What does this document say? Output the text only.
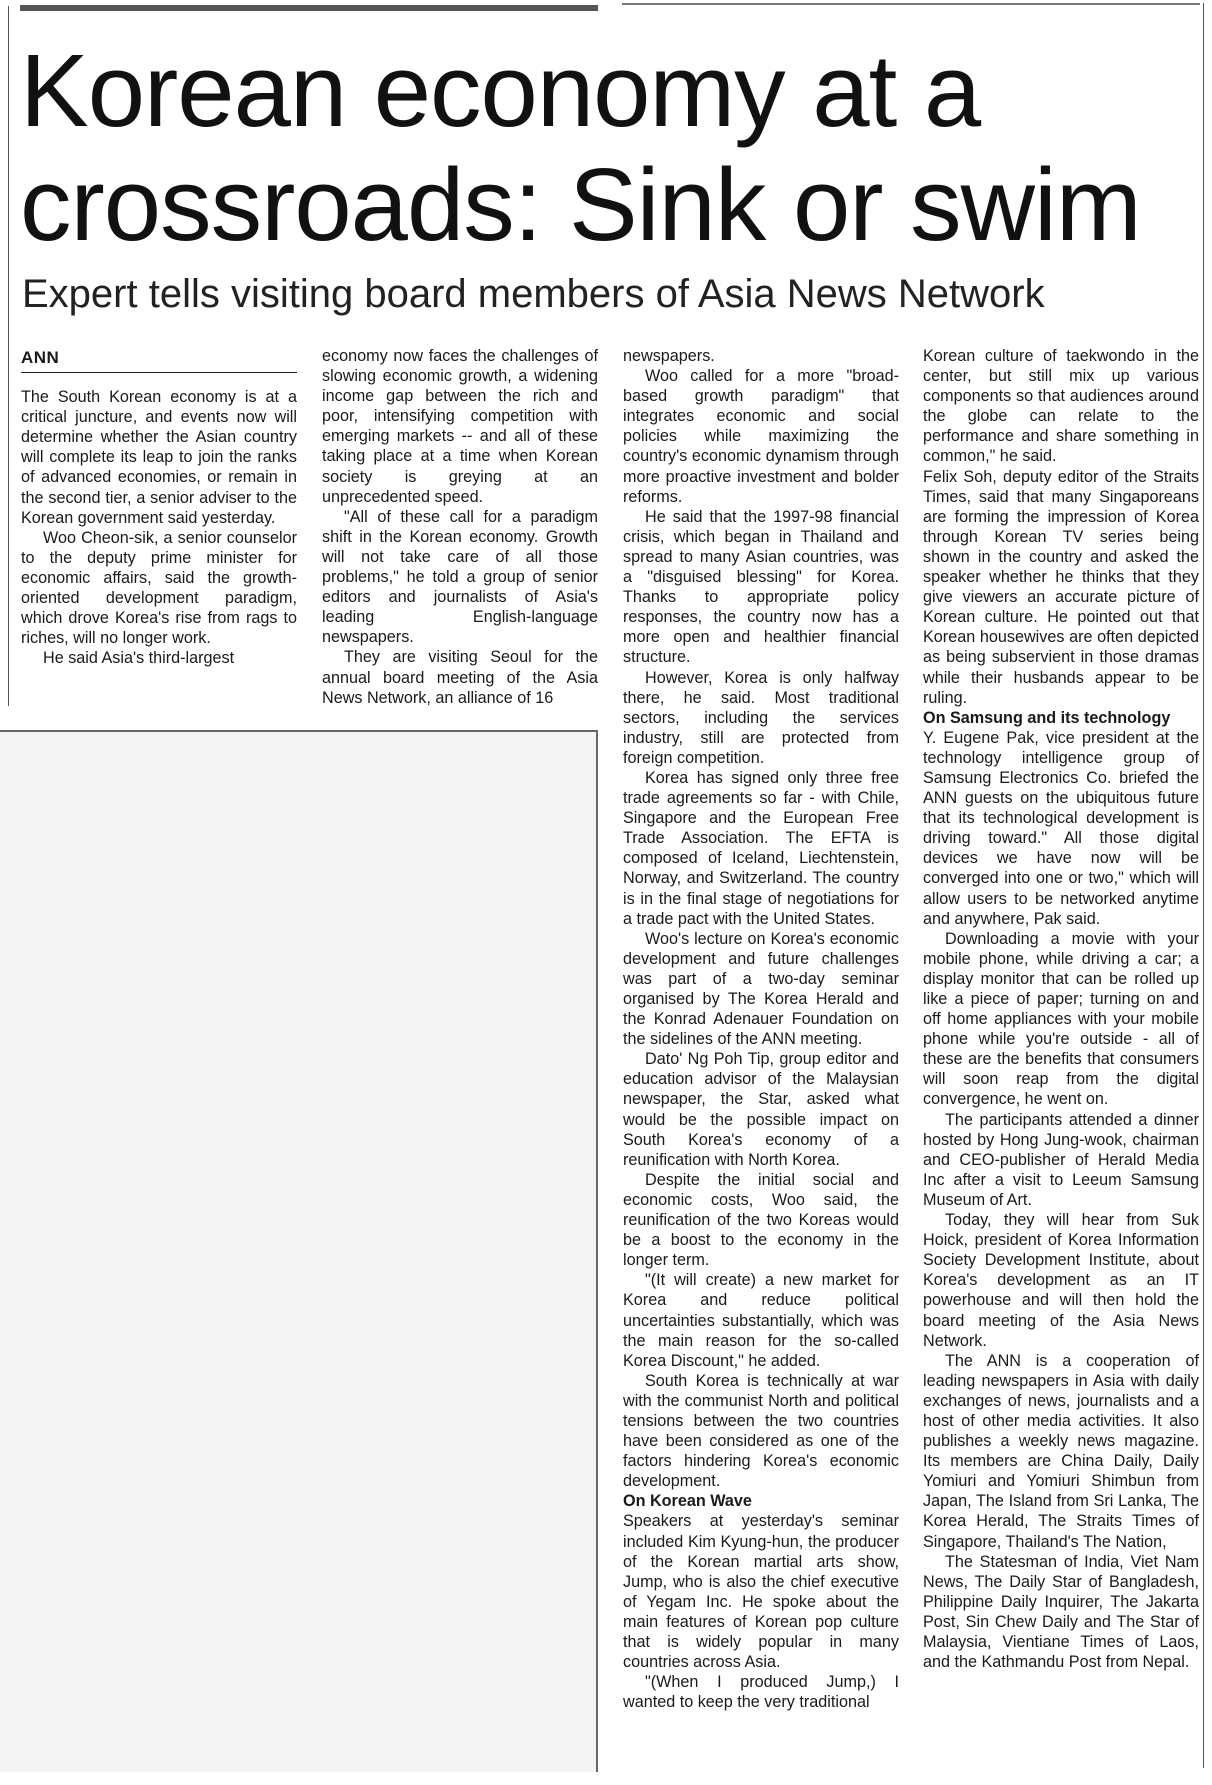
Korean economy at a crossroads: Sink or swim
Expert tells visiting board members of Asia News Network
ANN

The South Korean economy is at a critical juncture, and events now will determine whether the Asian country will complete its leap to join the ranks of advanced economies, or remain in the second tier, a senior adviser to the Korean government said yesterday.

Woo Cheon-sik, a senior counselor to the deputy prime minister for economic affairs, said the growth-oriented development paradigm, which drove Korea's rise from rags to riches, will no longer work.

He said Asia's third-largest

economy now faces the challenges of slowing economic growth, a widening income gap between the rich and poor, intensifying competition with emerging markets -- and all of these taking place at a time when Korean society is greying at an unprecedented speed.

"All of these call for a paradigm shift in the Korean economy. Growth will not take care of all those problems," he told a group of senior editors and journalists of Asia's leading English-language newspapers.

They are visiting Seoul for the annual board meeting of the Asia News Network, an alliance of 16

newspapers.

Woo called for a more "broad-based growth paradigm" that integrates economic and social policies while maximizing the country's economic dynamism through more proactive investment and bolder reforms.

He said that the 1997-98 financial crisis, which began in Thailand and spread to many Asian countries, was a "disguised blessing" for Korea. Thanks to appropriate policy responses, the country now has a more open and healthier financial structure.

However, Korea is only halfway there, he said. Most traditional sectors, including the services industry, still are protected from foreign competition.

Korea has signed only three free trade agreements so far - with Chile, Singapore and the European Free Trade Association. The EFTA is composed of Iceland, Liechtenstein, Norway, and Switzerland. The country is in the final stage of negotiations for a trade pact with the United States.

Woo's lecture on Korea's economic development and future challenges was part of a two-day seminar organised by The Korea Herald and the Konrad Adenauer Foundation on the sidelines of the ANN meeting.

Dato' Ng Poh Tip, group editor and education advisor of the Malaysian newspaper, the Star, asked what would be the possible impact on South Korea's economy of a reunification with North Korea.

Despite the initial social and economic costs, Woo said, the reunification of the two Koreas would be a boost to the economy in the longer term.

"(It will create) a new market for Korea and reduce political uncertainties substantially, which was the main reason for the so-called Korea Discount," he added.

South Korea is technically at war with the communist North and political tensions between the two countries have been considered as one of the factors hindering Korea's economic development.

On Korean Wave

Speakers at yesterday's seminar included Kim Kyung-hun, the producer of the Korean martial arts show, Jump, who is also the chief executive of Yegam Inc. He spoke about the main features of Korean pop culture that is widely popular in many countries across Asia.

"(When I produced Jump,) I wanted to keep the very traditional

Korean culture of taekwondo in the center, but still mix up various components so that audiences around the globe can relate to the performance and share something in common," he said.

Felix Soh, deputy editor of the Straits Times, said that many Singaporeans are forming the impression of Korea through Korean TV series being shown in the country and asked the speaker whether he thinks that they give viewers an accurate picture of Korean culture. He pointed out that Korean housewives are often depicted as being subservient in those dramas while their husbands appear to be ruling.

On Samsung and its technology

Y. Eugene Pak, vice president at the technology intelligence group of Samsung Electronics Co. briefed the ANN guests on the ubiquitous future that its technological development is driving toward." All those digital devices we have now will be converged into one or two," which will allow users to be networked anytime and anywhere, Pak said.

Downloading a movie with your mobile phone, while driving a car; a display monitor that can be rolled up like a piece of paper; turning on and off home appliances with your mobile phone while you're outside - all of these are the benefits that consumers will soon reap from the digital convergence, he went on.

The participants attended a dinner hosted by Hong Jung-wook, chairman and CEO-publisher of Herald Media Inc after a visit to Leeum Samsung Museum of Art.

Today, they will hear from Suk Hoick, president of Korea Information Society Development Institute, about Korea's development as an IT powerhouse and will then hold the board meeting of the Asia News Network.

The ANN is a cooperation of leading newspapers in Asia with daily exchanges of news, journalists and a host of other media activities. It also publishes a weekly news magazine. Its members are China Daily, Daily Yomiuri and Yomiuri Shimbun from Japan, The Island from Sri Lanka, The Korea Herald, The Straits Times of Singapore, Thailand's The Nation,

The Statesman of India, Viet Nam News, The Daily Star of Bangladesh, Philippine Daily Inquirer, The Jakarta Post, Sin Chew Daily and The Star of Malaysia, Vientiane Times of Laos, and the Kathmandu Post from Nepal.
